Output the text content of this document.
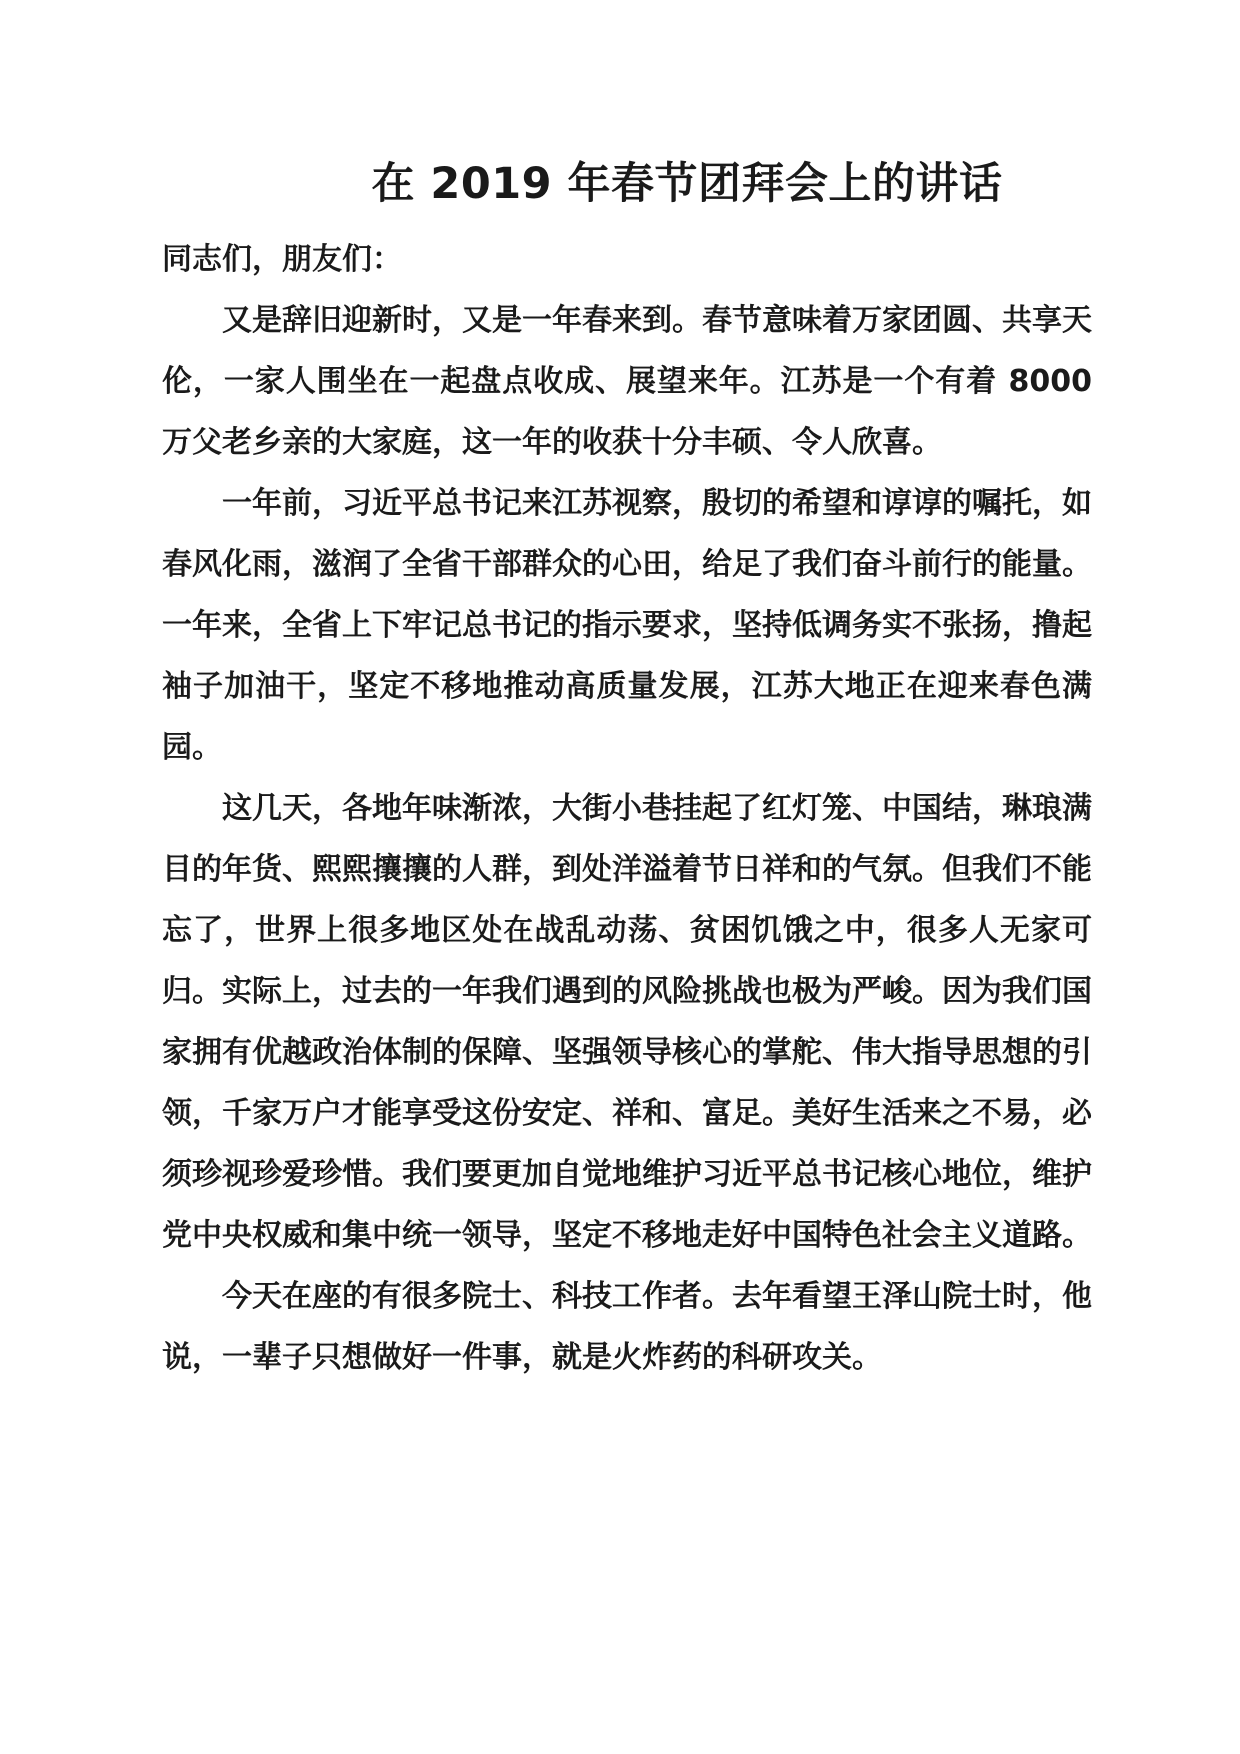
在 2019 年春节团拜会上的讲话

同志们，朋友们：

又是辞旧迎新时，又是一年春来到。春节意味着万家团圆、共享天伦，一家人围坐在一起盘点收成、展望来年。江苏是一个有着 8000 万父老乡亲的大家庭，这一年的收获十分丰硕、令人欣喜。

一年前，习近平总书记来江苏视察，殷切的希望和谆谆的嘱托，如春风化雨，滋润了全省干部群众的心田，给足了我们奋斗前行的能量。一年来，全省上下牢记总书记的指示要求，坚持低调务实不张扬，撸起袖子加油干，坚定不移地推动高质量发展，江苏大地正在迎来春色满园。

这几天，各地年味渐浓，大街小巷挂起了红灯笼、中国结，琳琅满目的年货、熙熙攘攘的人群，到处洋溢着节日祥和的气氛。但我们不能忘了，世界上很多地区处在战乱动荡、贫困饥饿之中，很多人无家可归。实际上，过去的一年我们遇到的风险挑战也极为严峻。因为我们国家拥有优越政治体制的保障、坚强领导核心的掌舵、伟大指导思想的引领，千家万户才能享受这份安定、祥和、富足。美好生活来之不易，必须珍视珍爱珍惜。我们要更加自觉地维护习近平总书记核心地位，维护党中央权威和集中统一领导，坚定不移地走好中国特色社会主义道路。

今天在座的有很多院士、科技工作者。去年看望王泽山院士时，他说，一辈子只想做好一件事，就是火炸药的科研攻关。
